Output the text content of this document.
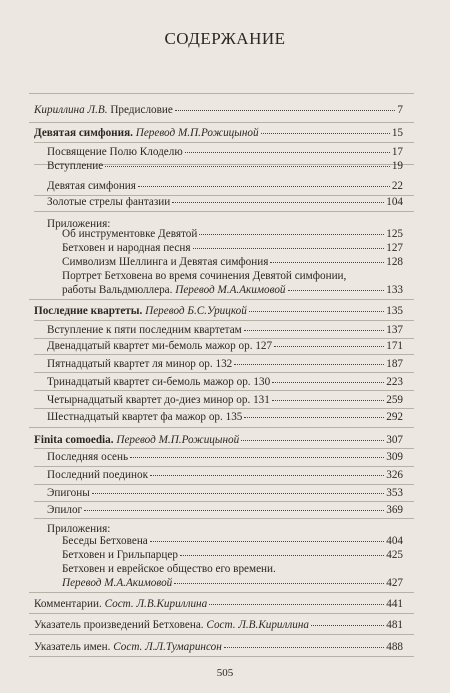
СОДЕРЖАНИЕ
Кириллина Л.В. Предисловие	7
Девятая симфония. Перевод М.П.Рожицыной	15
Посвящение Полю Клоделю	17
Вступление	19
Девятая симфония	22
Золотые стрелы фантазии	104
Приложения:
Об инструментовке Девятой	125
Бетховен и народная песня	127
Символизм Шеллинга и Девятая симфония	128
Портрет Бетховена во время сочинения Девятой симфонии,
работы Вальдмюллера. Перевод М.А.Акимовой	133
Последние квартеты. Перевод Б.С.Урицкой	135
Вступление к пяти последним квартетам	137
Двенадцатый квартет ми-бемоль мажор ор. 127	171
Пятнадцатый квартет ля минор ор. 132	187
Тринадцатый квартет си-бемоль мажор ор. 130	223
Четырнадцатый квартет до-диез минор ор. 131	259
Шестнадцатый квартет фа мажор ор. 135	292
Finita comoedia. Перевод М.П.Рожицыной	307
Последняя осень	309
Последний поединок	326
Эпигоны	353
Эпилог	369
Приложения:
Беседы Бетховена	404
Бетховен и Грильпарцер	425
Бетховен и еврейское общество его времени.
Перевод М.А.Акимовой	427
Комментарии. Сост. Л.В.Кириллина	441
Указатель произведений Бетховена. Сост. Л.В.Кириллина	481
Указатель имен. Сост. Л.Л.Тумаринсон	488
505
